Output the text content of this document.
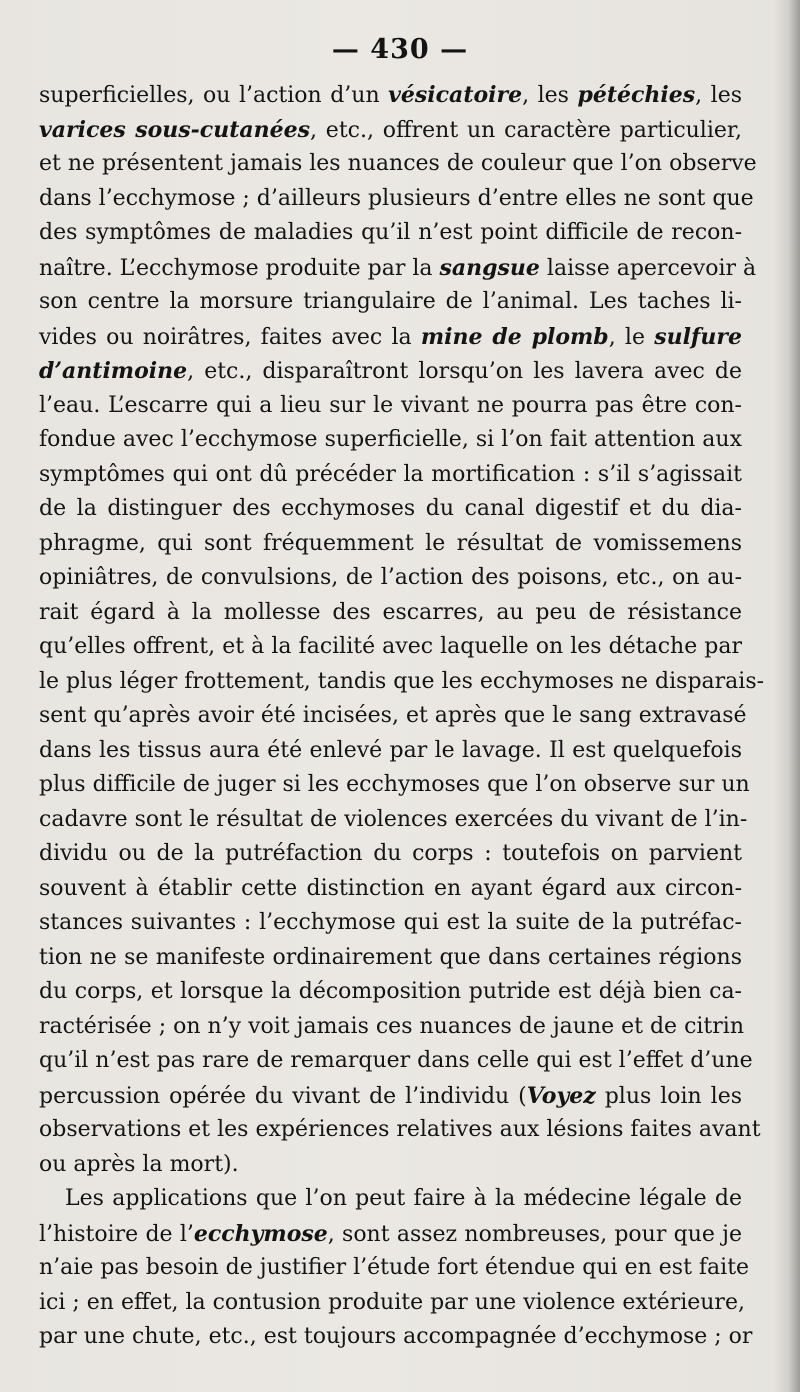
— 430 —
superficielles, ou l’action d’un vésicatoire, les pétéchies, les
varices sous-cutanées, etc., offrent un caractère particulier,
et ne présentent jamais les nuances de couleur que l’on observe
dans l’ecchymose ; d’ailleurs plusieurs d’entre elles ne sont que
des symptômes de maladies qu’il n’est point difficile de recon-
naître. L’ecchymose produite par la sangsue laisse apercevoir à
son centre la morsure triangulaire de l’animal. Les taches li-
vides ou noirâtres, faites avec la mine de plomb, le sulfure
d’antimoine, etc., disparaîtront lorsqu’on les lavera avec de
l’eau. L’escarre qui a lieu sur le vivant ne pourra pas être con-
fondue avec l’ecchymose superficielle, si l’on fait attention aux
symptômes qui ont dû précéder la mortification : s’il s’agissait
de la distinguer des ecchymoses du canal digestif et du dia-
phragme, qui sont fréquemment le résultat de vomissemens
opiniâtres, de convulsions, de l’action des poisons, etc., on au-
rait égard à la mollesse des escarres, au peu de résistance
qu’elles offrent, et à la facilité avec laquelle on les détache par
le plus léger frottement, tandis que les ecchymoses ne disparais-
sent qu’après avoir été incisées, et après que le sang extravasé
dans les tissus aura été enlevé par le lavage. Il est quelquefois
plus difficile de juger si les ecchymoses que l’on observe sur un
cadavre sont le résultat de violences exercées du vivant de l’in-
dividu ou de la putréfaction du corps : toutefois on parvient
souvent à établir cette distinction en ayant égard aux circon-
stances suivantes : l’ecchymose qui est la suite de la putréfac-
tion ne se manifeste ordinairement que dans certaines régions
du corps, et lorsque la décomposition putride est déjà bien ca-
ractérisée ; on n’y voit jamais ces nuances de jaune et de citrin
qu’il n’est pas rare de remarquer dans celle qui est l’effet d’une
percussion opérée du vivant de l’individu (Voyez plus loin les
observations et les expériences relatives aux lésions faites avant
ou après la mort).
Les applications que l’on peut faire à la médecine légale de
l’histoire de l’ecchymose, sont assez nombreuses, pour que je
n’aie pas besoin de justifier l’étude fort étendue qui en est faite
ici ; en effet, la contusion produite par une violence extérieure,
par une chute, etc., est toujours accompagnée d’ecchymose ; or
